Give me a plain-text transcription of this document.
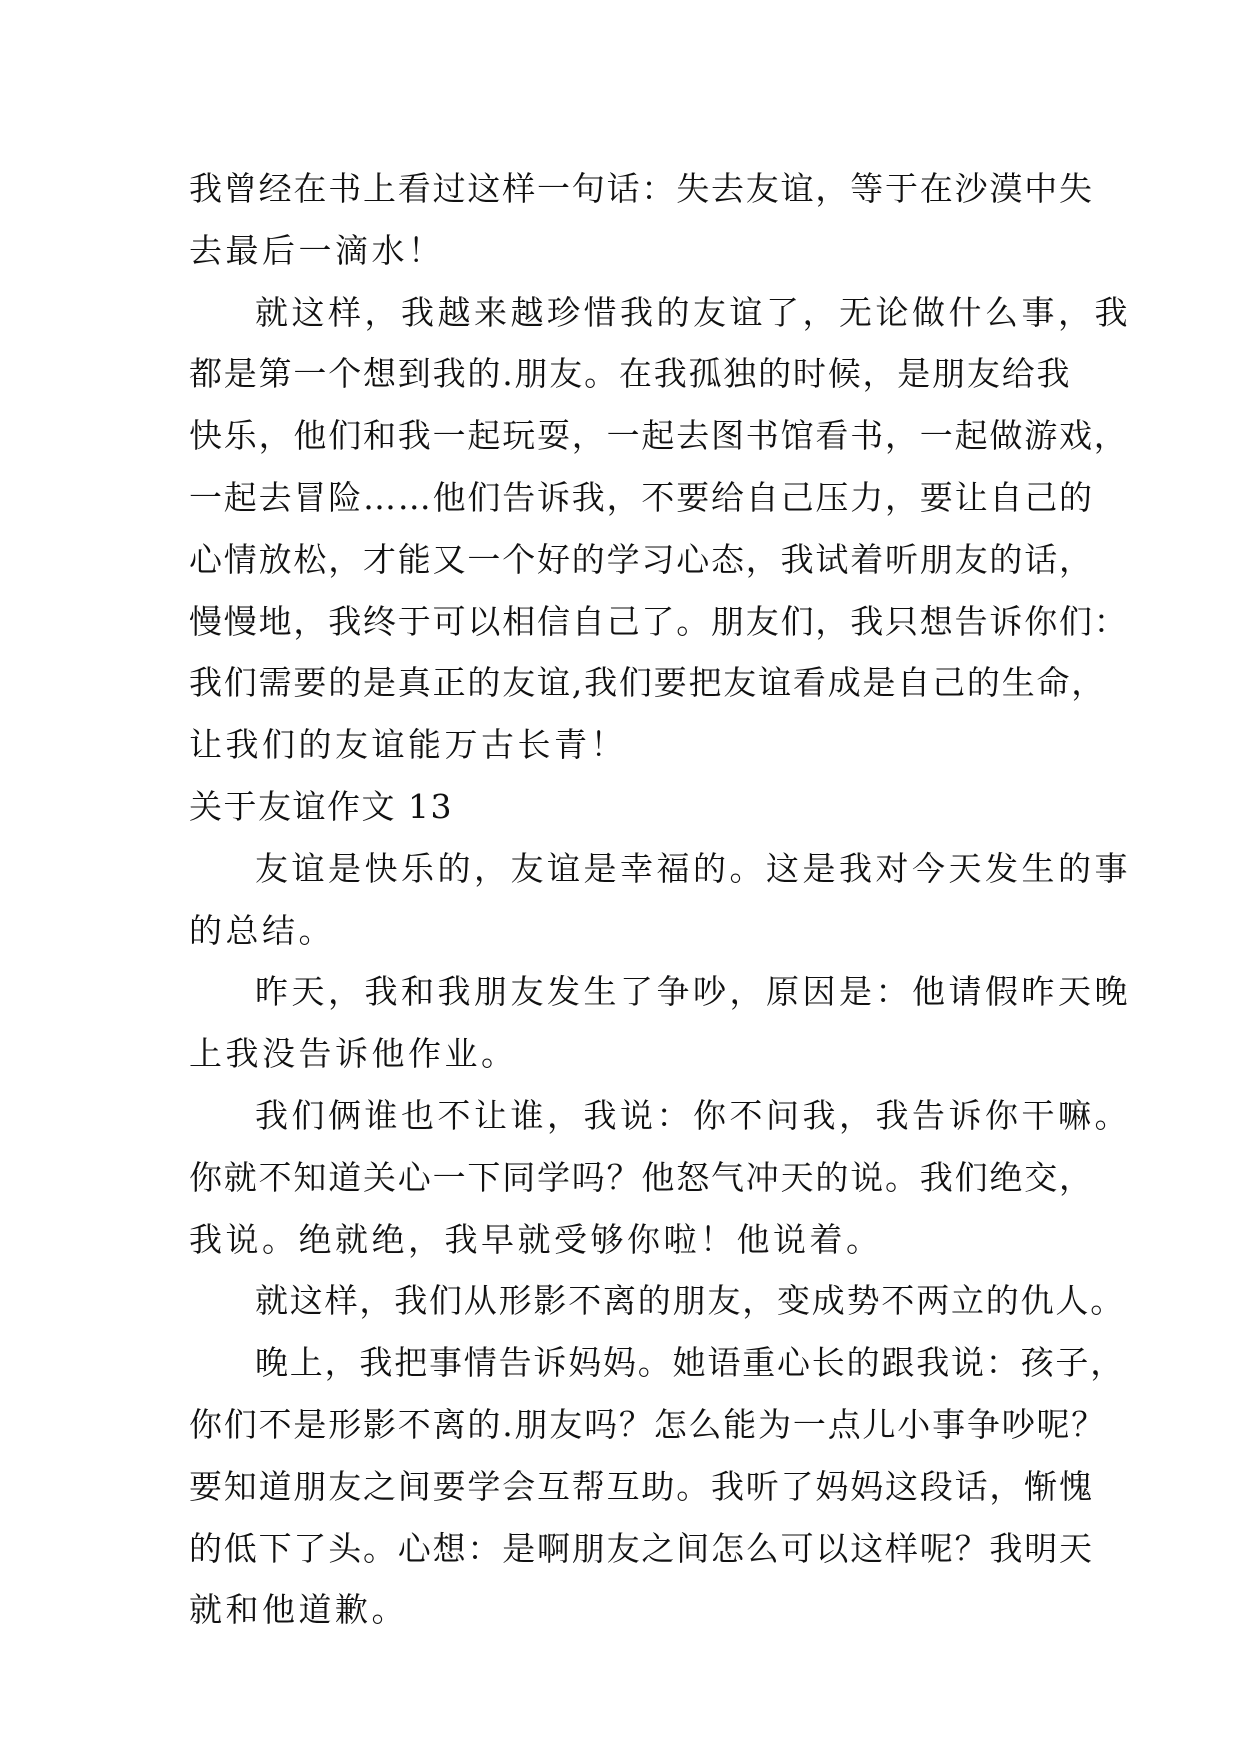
我曾经在书上看过这样一句话：失去友谊，等于在沙漠中失
去最后一滴水！
就这样，我越来越珍惜我的友谊了，无论做什么事，我
都是第一个想到我的.朋友。在我孤独的时候，是朋友给我
快乐，他们和我一起玩耍，一起去图书馆看书，一起做游戏，
一起去冒险……他们告诉我，不要给自己压力，要让自己的
心情放松，才能又一个好的学习心态，我试着听朋友的话，
慢慢地，我终于可以相信自己了。朋友们，我只想告诉你们：
我们需要的是真正的友谊,我们要把友谊看成是自己的生命，
让我们的友谊能万古长青！
关于友谊作文 13
友谊是快乐的，友谊是幸福的。这是我对今天发生的事
的总结。
昨天，我和我朋友发生了争吵，原因是：他请假昨天晚
上我没告诉他作业。
我们俩谁也不让谁，我说：你不问我，我告诉你干嘛。
你就不知道关心一下同学吗？他怒气冲天的说。我们绝交，
我说。绝就绝，我早就受够你啦！他说着。
就这样，我们从形影不离的朋友，变成势不两立的仇人。
晚上，我把事情告诉妈妈。她语重心长的跟我说：孩子，
你们不是形影不离的.朋友吗？怎么能为一点儿小事争吵呢？
要知道朋友之间要学会互帮互助。我听了妈妈这段话，惭愧
的低下了头。心想：是啊朋友之间怎么可以这样呢？我明天
就和他道歉。
